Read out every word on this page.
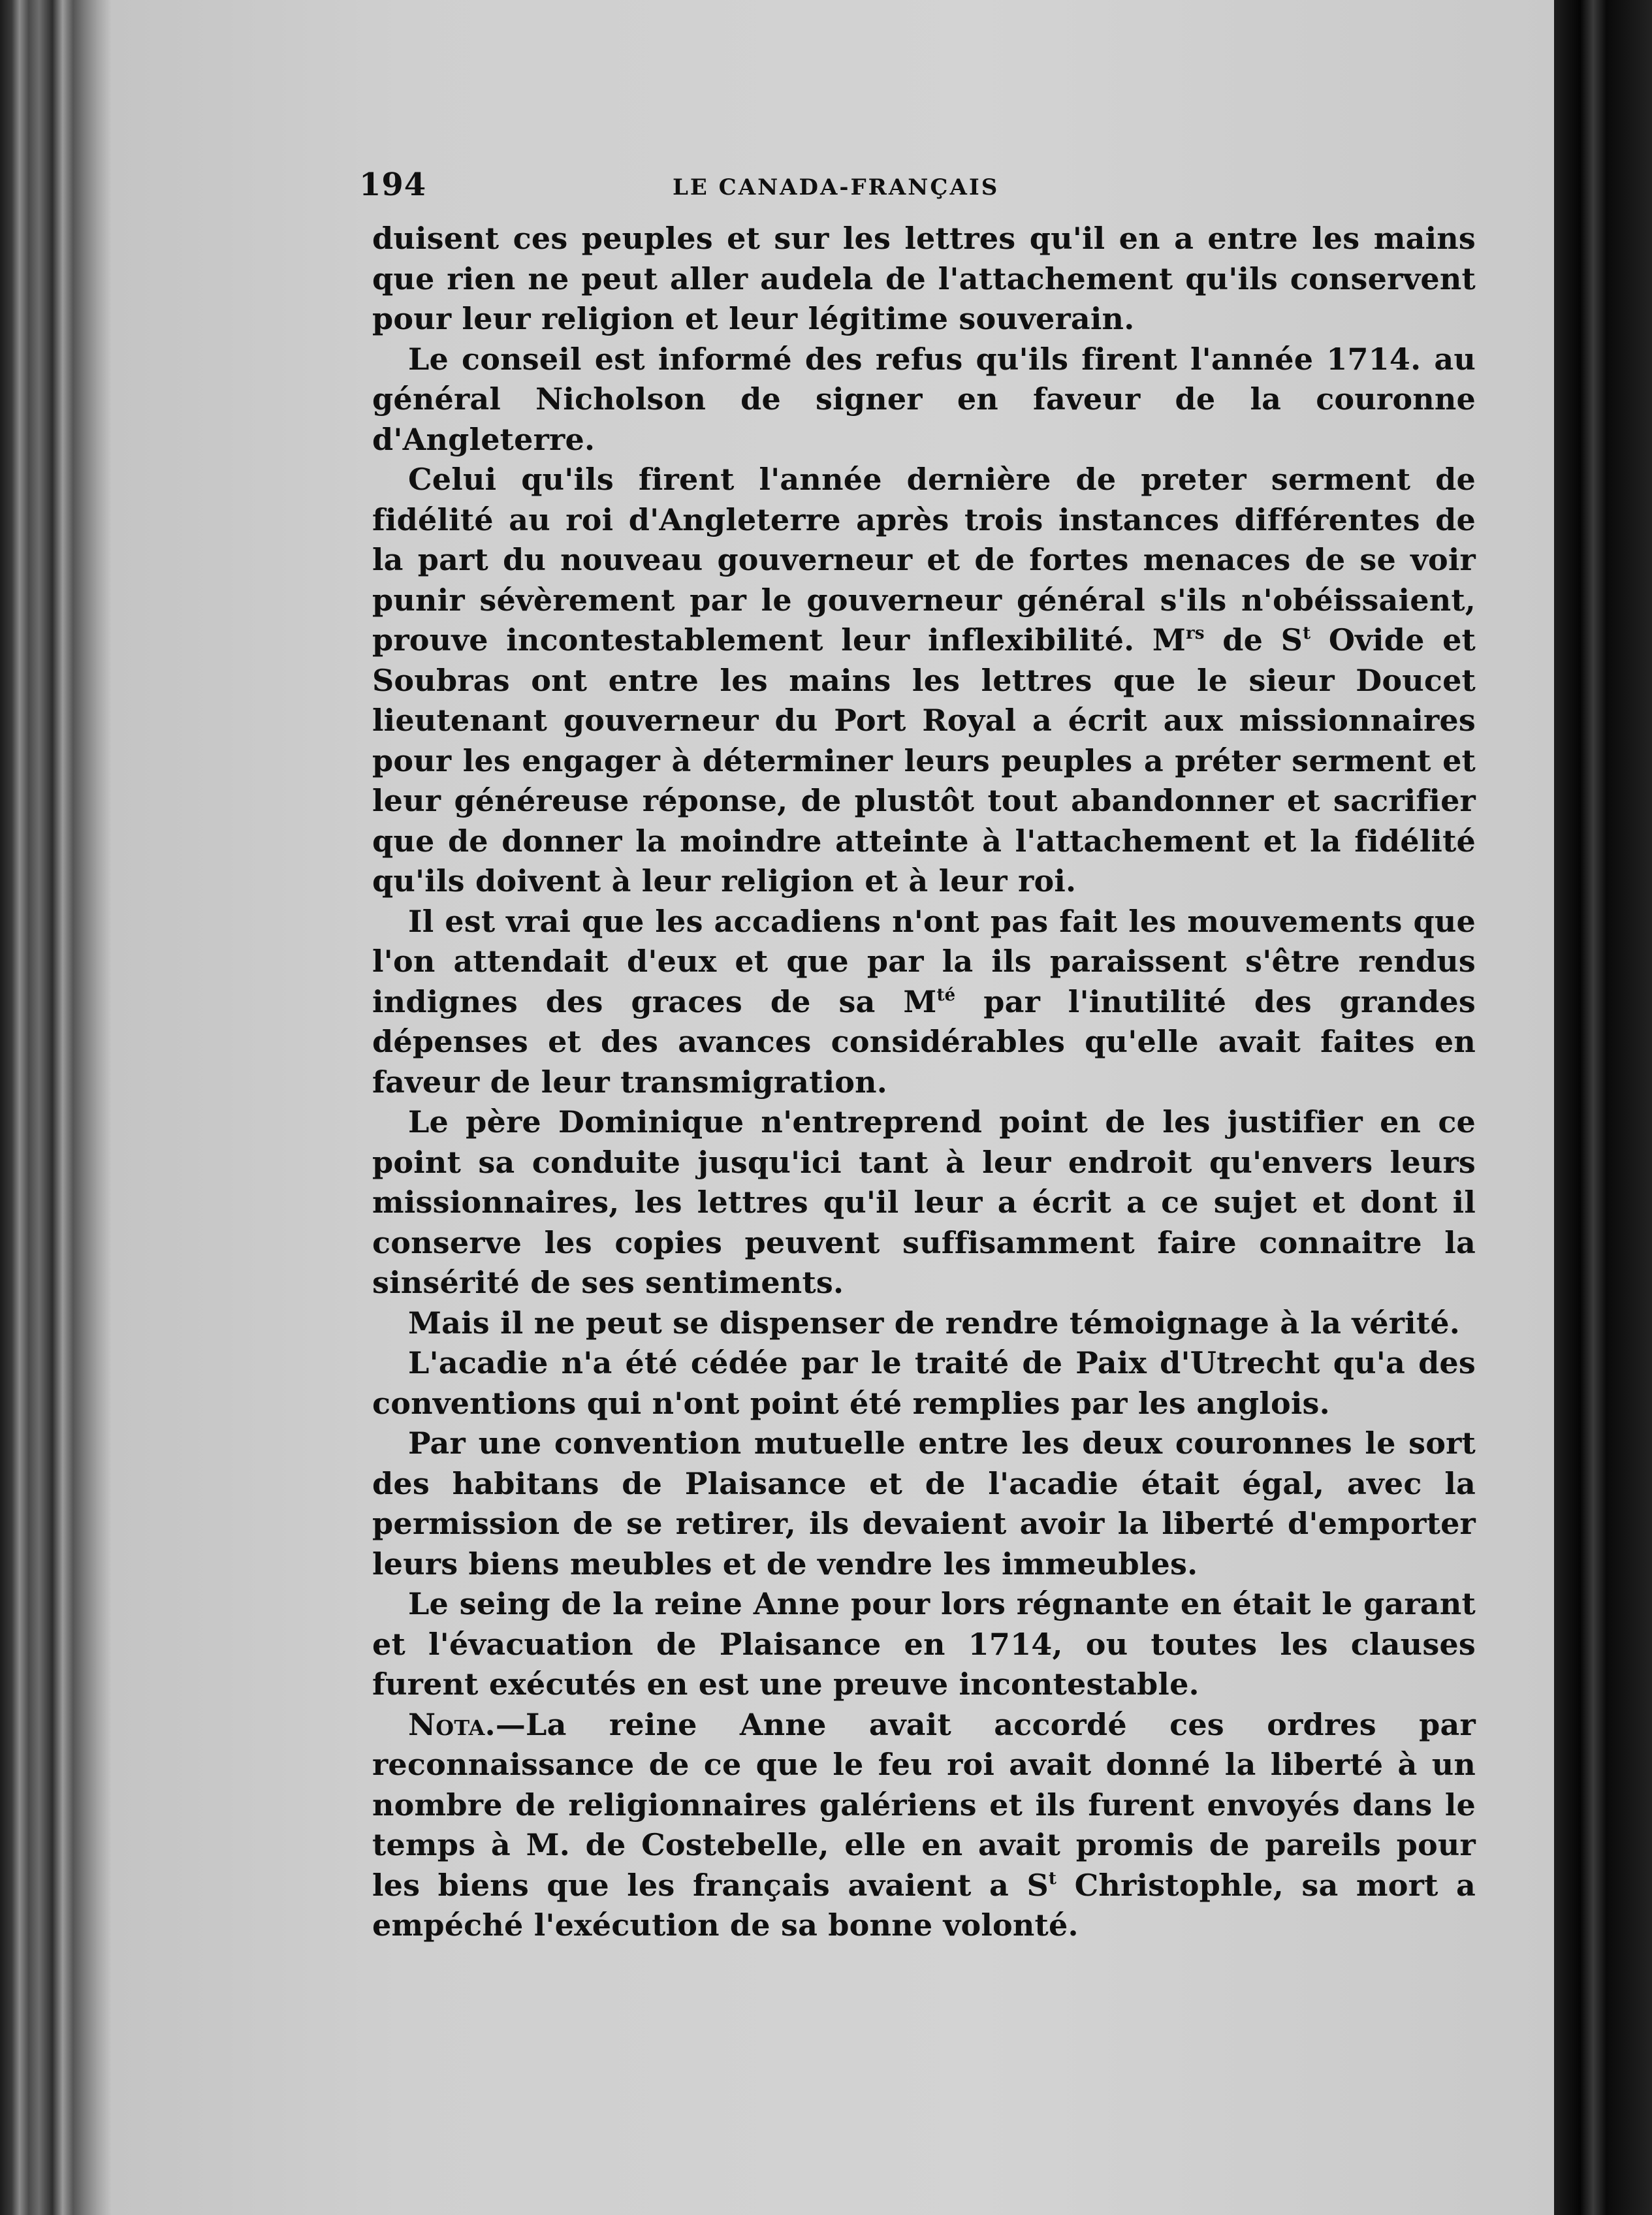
194	LE CANADA-FRANÇAIS

duisent ces peuples et sur les lettres qu'il en a entre les mains que rien ne peut aller audela de l'attachement qu'ils conservent pour leur religion et leur légitime souverain.

Le conseil est informé des refus qu'ils firent l'année 1714. au général Nicholson de signer en faveur de la couronne d'Angleterre.

Celui qu'ils firent l'année dernière de preter serment de fidélité au roi d'Angleterre après trois instances différentes de la part du nouveau gouverneur et de fortes menaces de se voir punir sévèrement par le gouverneur général s'ils n'obéissaient, prouve incontestablement leur inflexibilité. $M^{rs}$ de $S^t$ Ovide et Soubras ont entre les mains les lettres que le sieur Doucet lieutenant gouverneur du Port Royal a écrit aux missionnaires pour les engager à déterminer leurs peuples a préter serment et leur généreuse réponse, de plustôt tout abandonner et sacrifier que de donner la moindre atteinte à l'attachement et la fidélité qu'ils doivent à leur religion et à leur roi.

Il est vrai que les accadiens n'ont pas fait les mouvements que l'on attendait d'eux et que par la ils paraissent s'être rendus indignes des graces de sa $M^{té}$ par l'inutilité des grandes dépenses et des avances considérables qu'elle avait faites en faveur de leur transmigration.

Le père Dominique n'entreprend point de les justifier en ce point sa conduite jusqu'ici tant à leur endroit qu'envers leurs missionnaires, les lettres qu'il leur a écrit a ce sujet et dont il conserve les copies peuvent suffisamment faire connaitre la sinsérité de ses sentiments.

Mais il ne peut se dispenser de rendre témoignage à la vérité.

L'acadie n'a été cédée par le traité de Paix d'Utrecht qu'a des conventions qui n'ont point été remplies par les anglois.

Par une convention mutuelle entre les deux couronnes le sort des habitans de Plaisance et de l'acadie était égal, avec la permission de se retirer, ils devaient avoir la liberté d'emporter leurs biens meubles et de vendre les immeubles.

Le seing de la reine Anne pour lors régnante en était le garant et l'évacuation de Plaisance en 1714, ou toutes les clauses furent exécutés en est une preuve incontestable.

Nota.—La reine Anne avait accordé ces ordres par reconnaissance de ce que le feu roi avait donné la liberté à un nombre de religionnaires galériens et ils furent envoyés dans le temps à M. de Costebelle, elle en avait promis de pareils pour les biens que les français avaient a $S^t$ Christophle, sa mort a empéché l'exécution de sa bonne volonté.
